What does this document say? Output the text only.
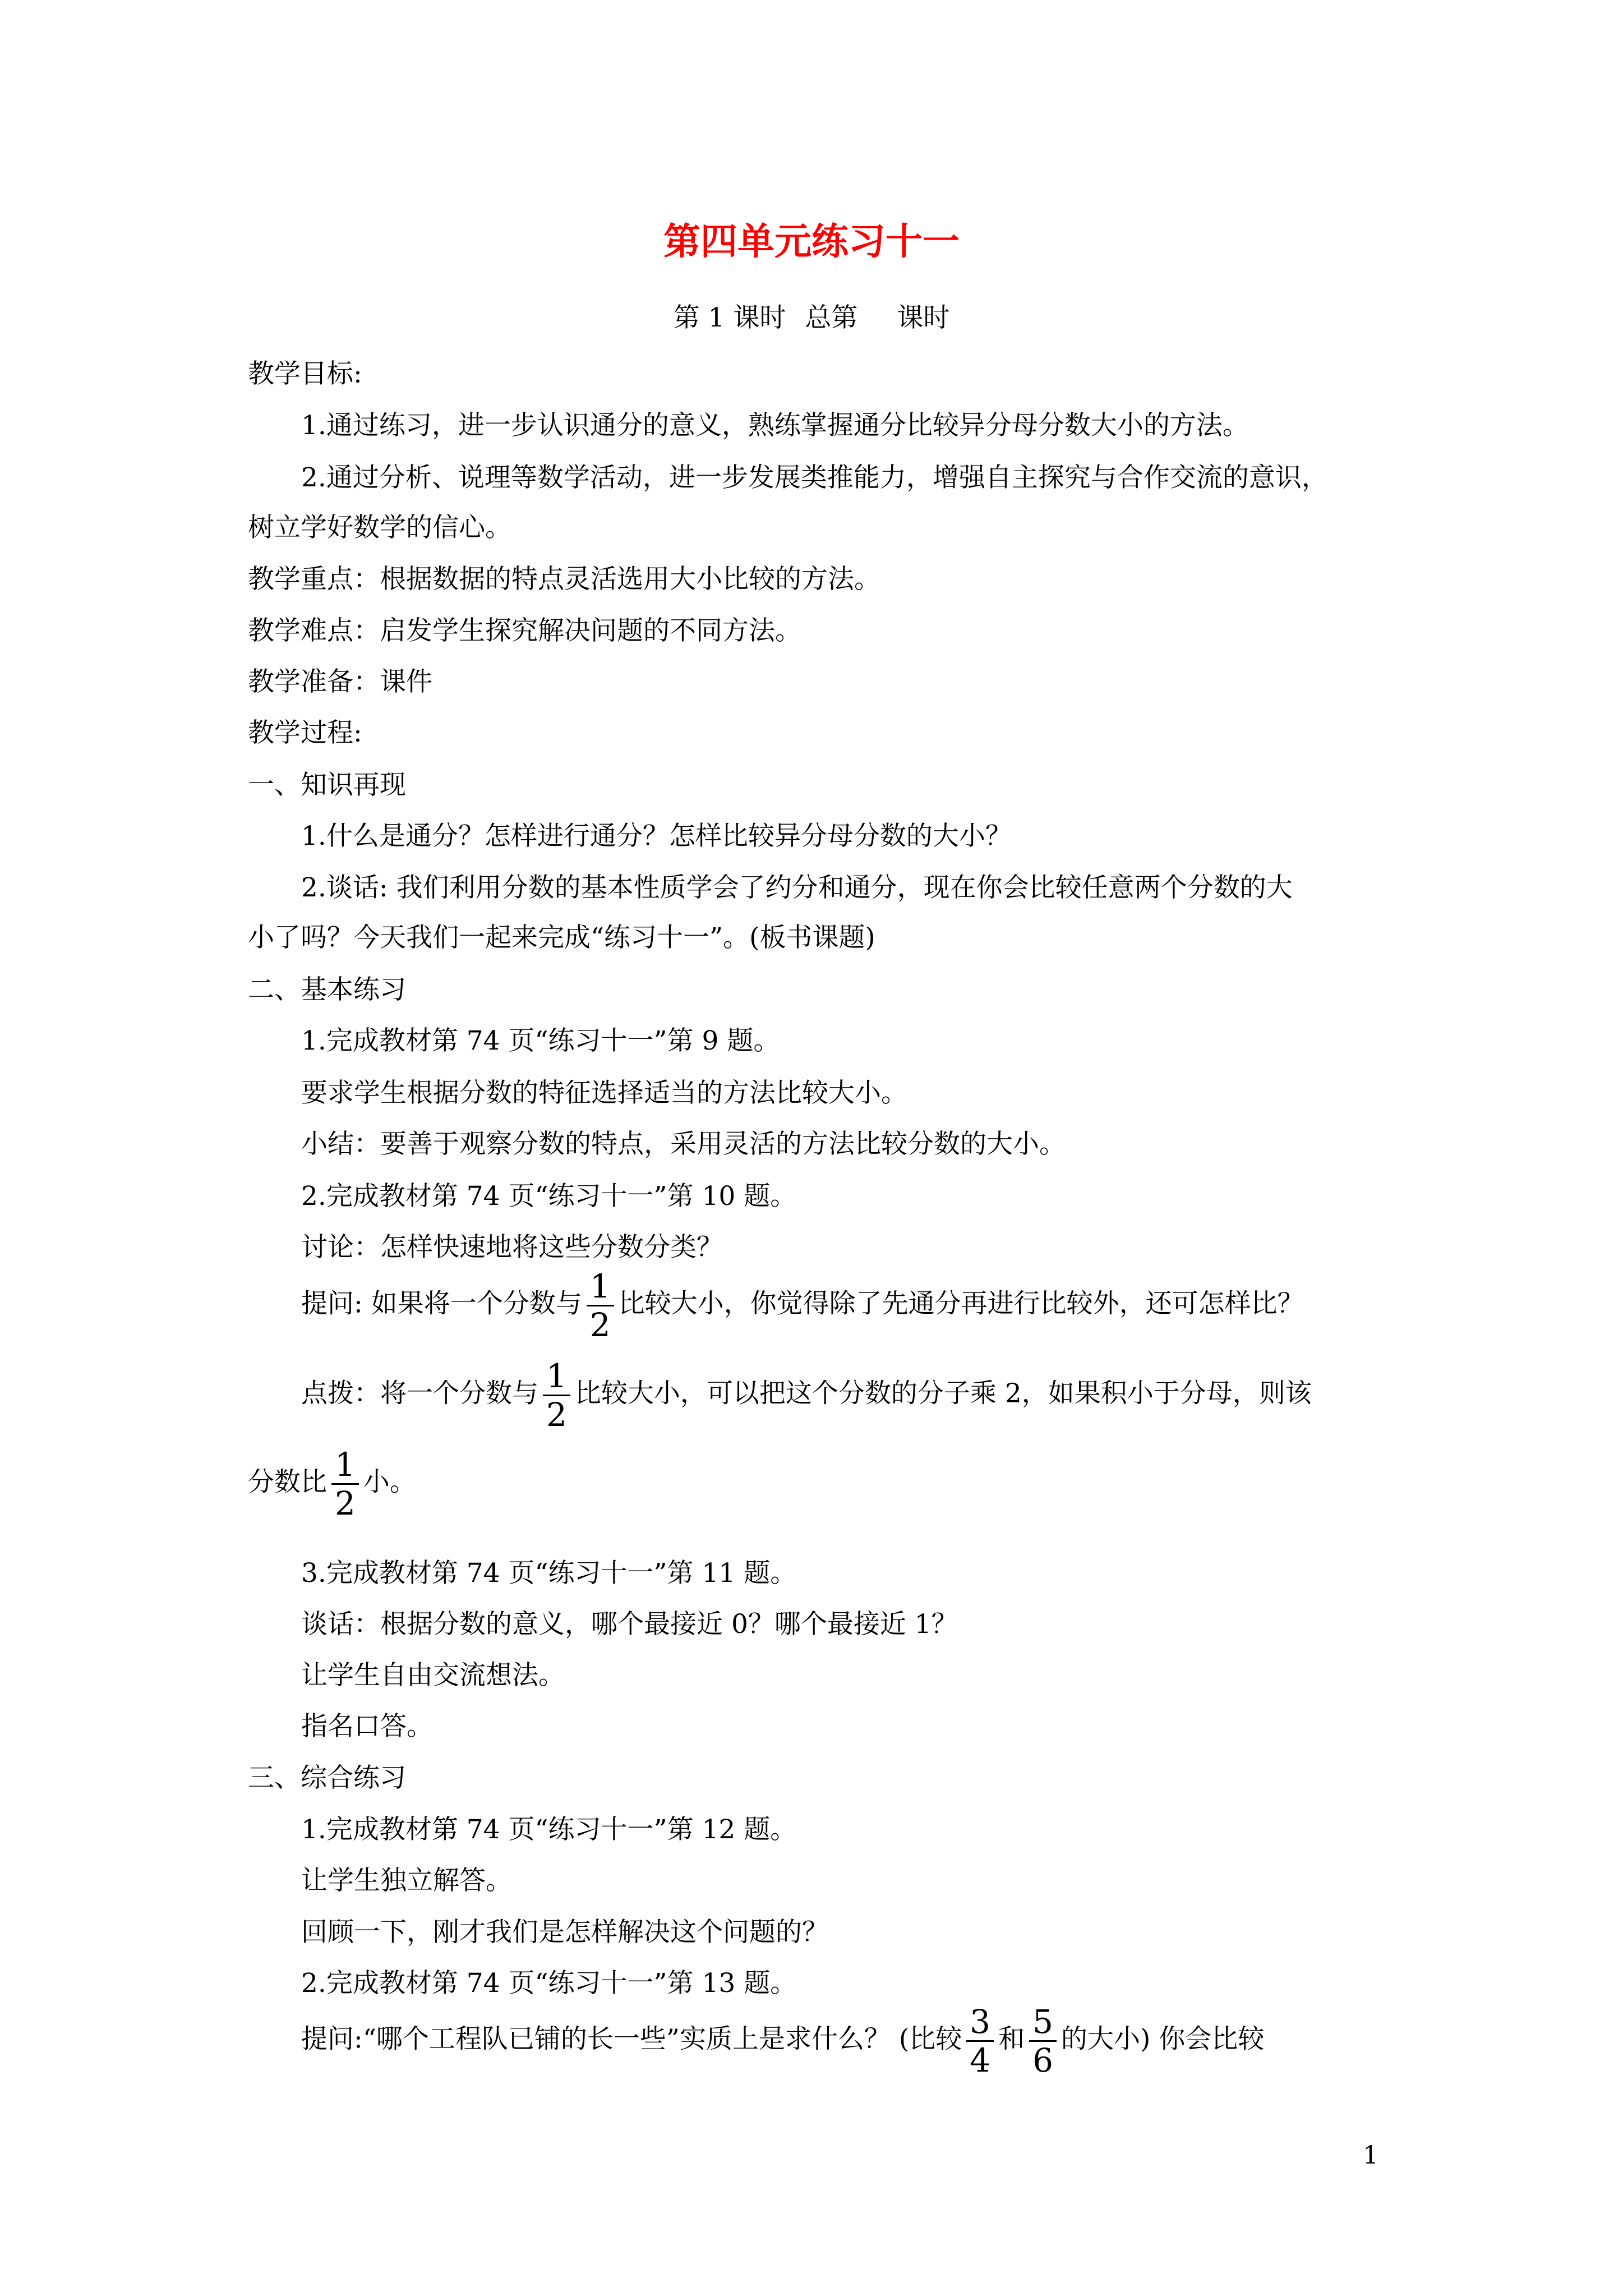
第四单元练习十一
第 1 课时 总第 课时
教学目标:
1.通过练习，进一步认识通分的意义，熟练掌握通分比较异分母分数大小的方法。
2.通过分析、说理等数学活动，进一步发展类推能力，增强自主探究与合作交流的意识，
树立学好数学的信心。
教学重点：根据数据的特点灵活选用大小比较的方法。
教学难点：启发学生探究解决问题的不同方法。
教学准备：课件
教学过程:
一、知识再现
1.什么是通分？怎样进行通分？怎样比较异分母分数的大小？
2.谈话: 我们利用分数的基本性质学会了约分和通分，现在你会比较任意两个分数的大
小了吗？今天我们一起来完成“练习十一”。(板书课题)
二、基本练习
1.完成教材第 74 页“练习十一”第 9 题。
要求学生根据分数的特征选择适当的方法比较大小。
小结：要善于观察分数的特点，采用灵活的方法比较分数的大小。
2.完成教材第 74 页“练习十一”第 10 题。
讨论：怎样快速地将这些分数分类？
提问: 如果将一个分数与 $\frac{1}{2}$ 比较大小，你觉得除了先通分再进行比较外，还可怎样比？
点拨：将一个分数与 $\frac{1}{2}$ 比较大小，可以把这个分数的分子乘 2，如果积小于分母，则该
分数比 $\frac{1}{2}$ 小。
3.完成教材第 74 页“练习十一”第 11 题。
谈话：根据分数的意义，哪个最接近 0？哪个最接近 1？
让学生自由交流想法。
指名口答。
三、综合练习
1.完成教材第 74 页“练习十一”第 12 题。
让学生独立解答。
回顾一下，刚才我们是怎样解决这个问题的？
2.完成教材第 74 页“练习十一”第 13 题。
提问:“哪个工程队已铺的长一些”实质上是求什么？ (比较 $\frac{3}{4}$ 和 $\frac{5}{6}$ 的大小) 你会比较
1
